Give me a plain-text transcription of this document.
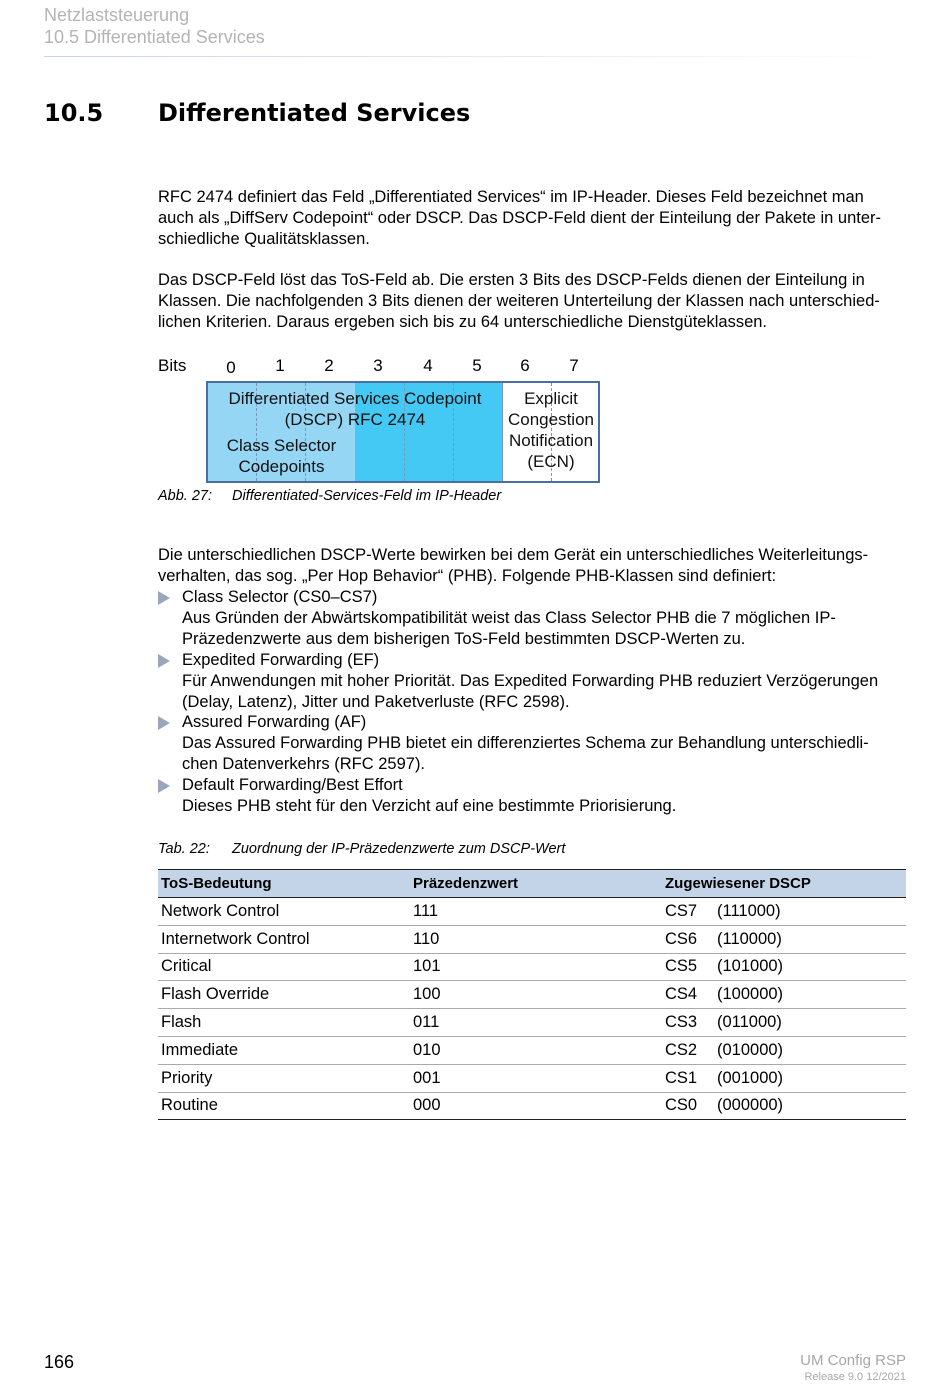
Netzlaststeuerung
10.5 Differentiated Services
10.5 Differentiated Services
RFC 2474 definiert das Feld „Differentiated Services“ im IP-Header. Dieses Feld bezeichnet man
auch als „DiffServ Codepoint“ oder DSCP. Das DSCP-Feld dient der Einteilung der Pakete in unter-
schiedliche Qualitätsklassen.
Das DSCP-Feld löst das ToS-Feld ab. Die ersten 3 Bits des DSCP-Felds dienen der Einteilung in
Klassen. Die nachfolgenden 3 Bits dienen der weiteren Unterteilung der Klassen nach unterschied-
lichen Kriterien. Daraus ergeben sich bis zu 64 unterschiedliche Dienstgüteklassen.
Bits	0	1	2	3	4	5	6	7
Differentiated Services Codepoint
(DSCP) RFC 2474
Class Selector
Codepoints
Explicit
Congestion
Notification
(ECN)
Abb. 27: Differentiated-Services-Feld im IP-Header
Die unterschiedlichen DSCP-Werte bewirken bei dem Gerät ein unterschiedliches Weiterleitungs-
verhalten, das sog. „Per Hop Behavior“ (PHB). Folgende PHB-Klassen sind definiert:
Class Selector (CS0–CS7)
Aus Gründen der Abwärtskompatibilität weist das Class Selector PHB die 7 möglichen IP-
Präzedenzwerte aus dem bisherigen ToS-Feld bestimmten DSCP-Werten zu.
Expedited Forwarding (EF)
Für Anwendungen mit hoher Priorität. Das Expedited Forwarding PHB reduziert Verzögerungen
(Delay, Latenz), Jitter und Paketverluste (RFC 2598).
Assured Forwarding (AF)
Das Assured Forwarding PHB bietet ein differenziertes Schema zur Behandlung unterschiedli-
chen Datenverkehrs (RFC 2597).
Default Forwarding/Best Effort
Dieses PHB steht für den Verzicht auf eine bestimmte Priorisierung.
Tab. 22: Zuordnung der IP-Präzedenzwerte zum DSCP-Wert
ToS-Bedeutung	Präzedenzwert	Zugewiesener DSCP
Network Control	111	CS7 (111000)
Internetwork Control	110	CS6 (110000)
Critical	101	CS5 (101000)
Flash Override	100	CS4 (100000)
Flash	011	CS3 (011000)
Immediate	010	CS2 (010000)
Priority	001	CS1 (001000)
Routine	000	CS0 (000000)
166	UM Config RSP
Release 9.0 12/2021
